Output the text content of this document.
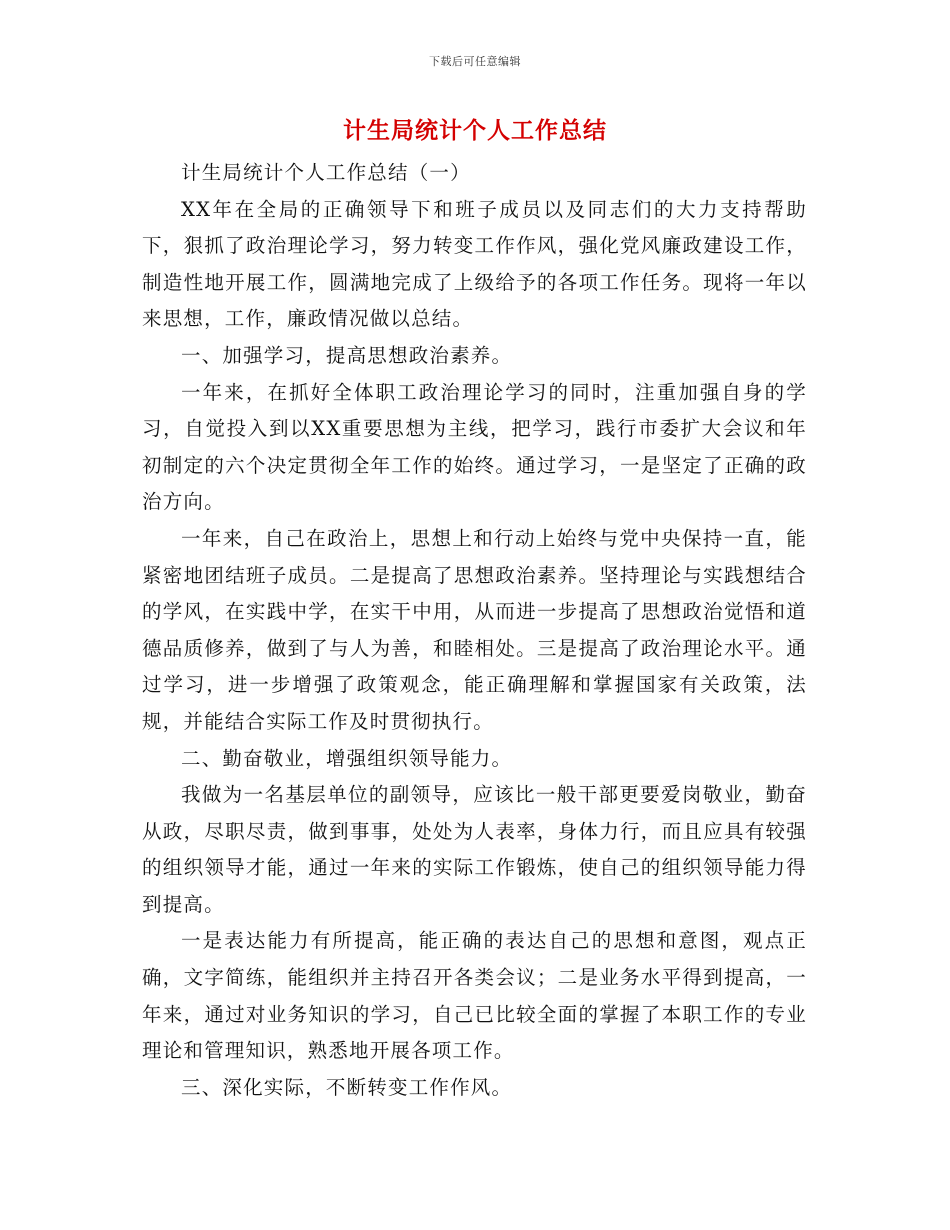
下载后可任意编辑
计生局统计个人工作总结

计生局统计个人工作总结（一）

XX年在全局的正确领导下和班子成员以及同志们的大力支持帮助下，狠抓了政治理论学习，努力转变工作作风，强化党风廉政建设工作，制造性地开展工作，圆满地完成了上级给予的各项工作任务。现将一年以来思想，工作，廉政情况做以总结。

一、加强学习，提高思想政治素养。

一年来，在抓好全体职工政治理论学习的同时，注重加强自身的学习，自觉投入到以XX重要思想为主线，把学习，践行市委扩大会议和年初制定的六个决定贯彻全年工作的始终。通过学习，一是坚定了正确的政治方向。

一年来，自己在政治上，思想上和行动上始终与党中央保持一直，能紧密地团结班子成员。二是提高了思想政治素养。坚持理论与实践想结合的学风，在实践中学，在实干中用，从而进一步提高了思想政治觉悟和道德品质修养，做到了与人为善，和睦相处。三是提高了政治理论水平。通过学习，进一步增强了政策观念，能正确理解和掌握国家有关政策，法规，并能结合实际工作及时贯彻执行。

二、勤奋敬业，增强组织领导能力。

我做为一名基层单位的副领导，应该比一般干部更要爱岗敬业，勤奋从政，尽职尽责，做到事事，处处为人表率，身体力行，而且应具有较强的组织领导才能，通过一年来的实际工作锻炼，使自己的组织领导能力得到提高。

一是表达能力有所提高，能正确的表达自己的思想和意图，观点正确，文字简练，能组织并主持召开各类会议；二是业务水平得到提高，一年来，通过对业务知识的学习，自己已比较全面的掌握了本职工作的专业理论和管理知识，熟悉地开展各项工作。

三、深化实际，不断转变工作作风。
